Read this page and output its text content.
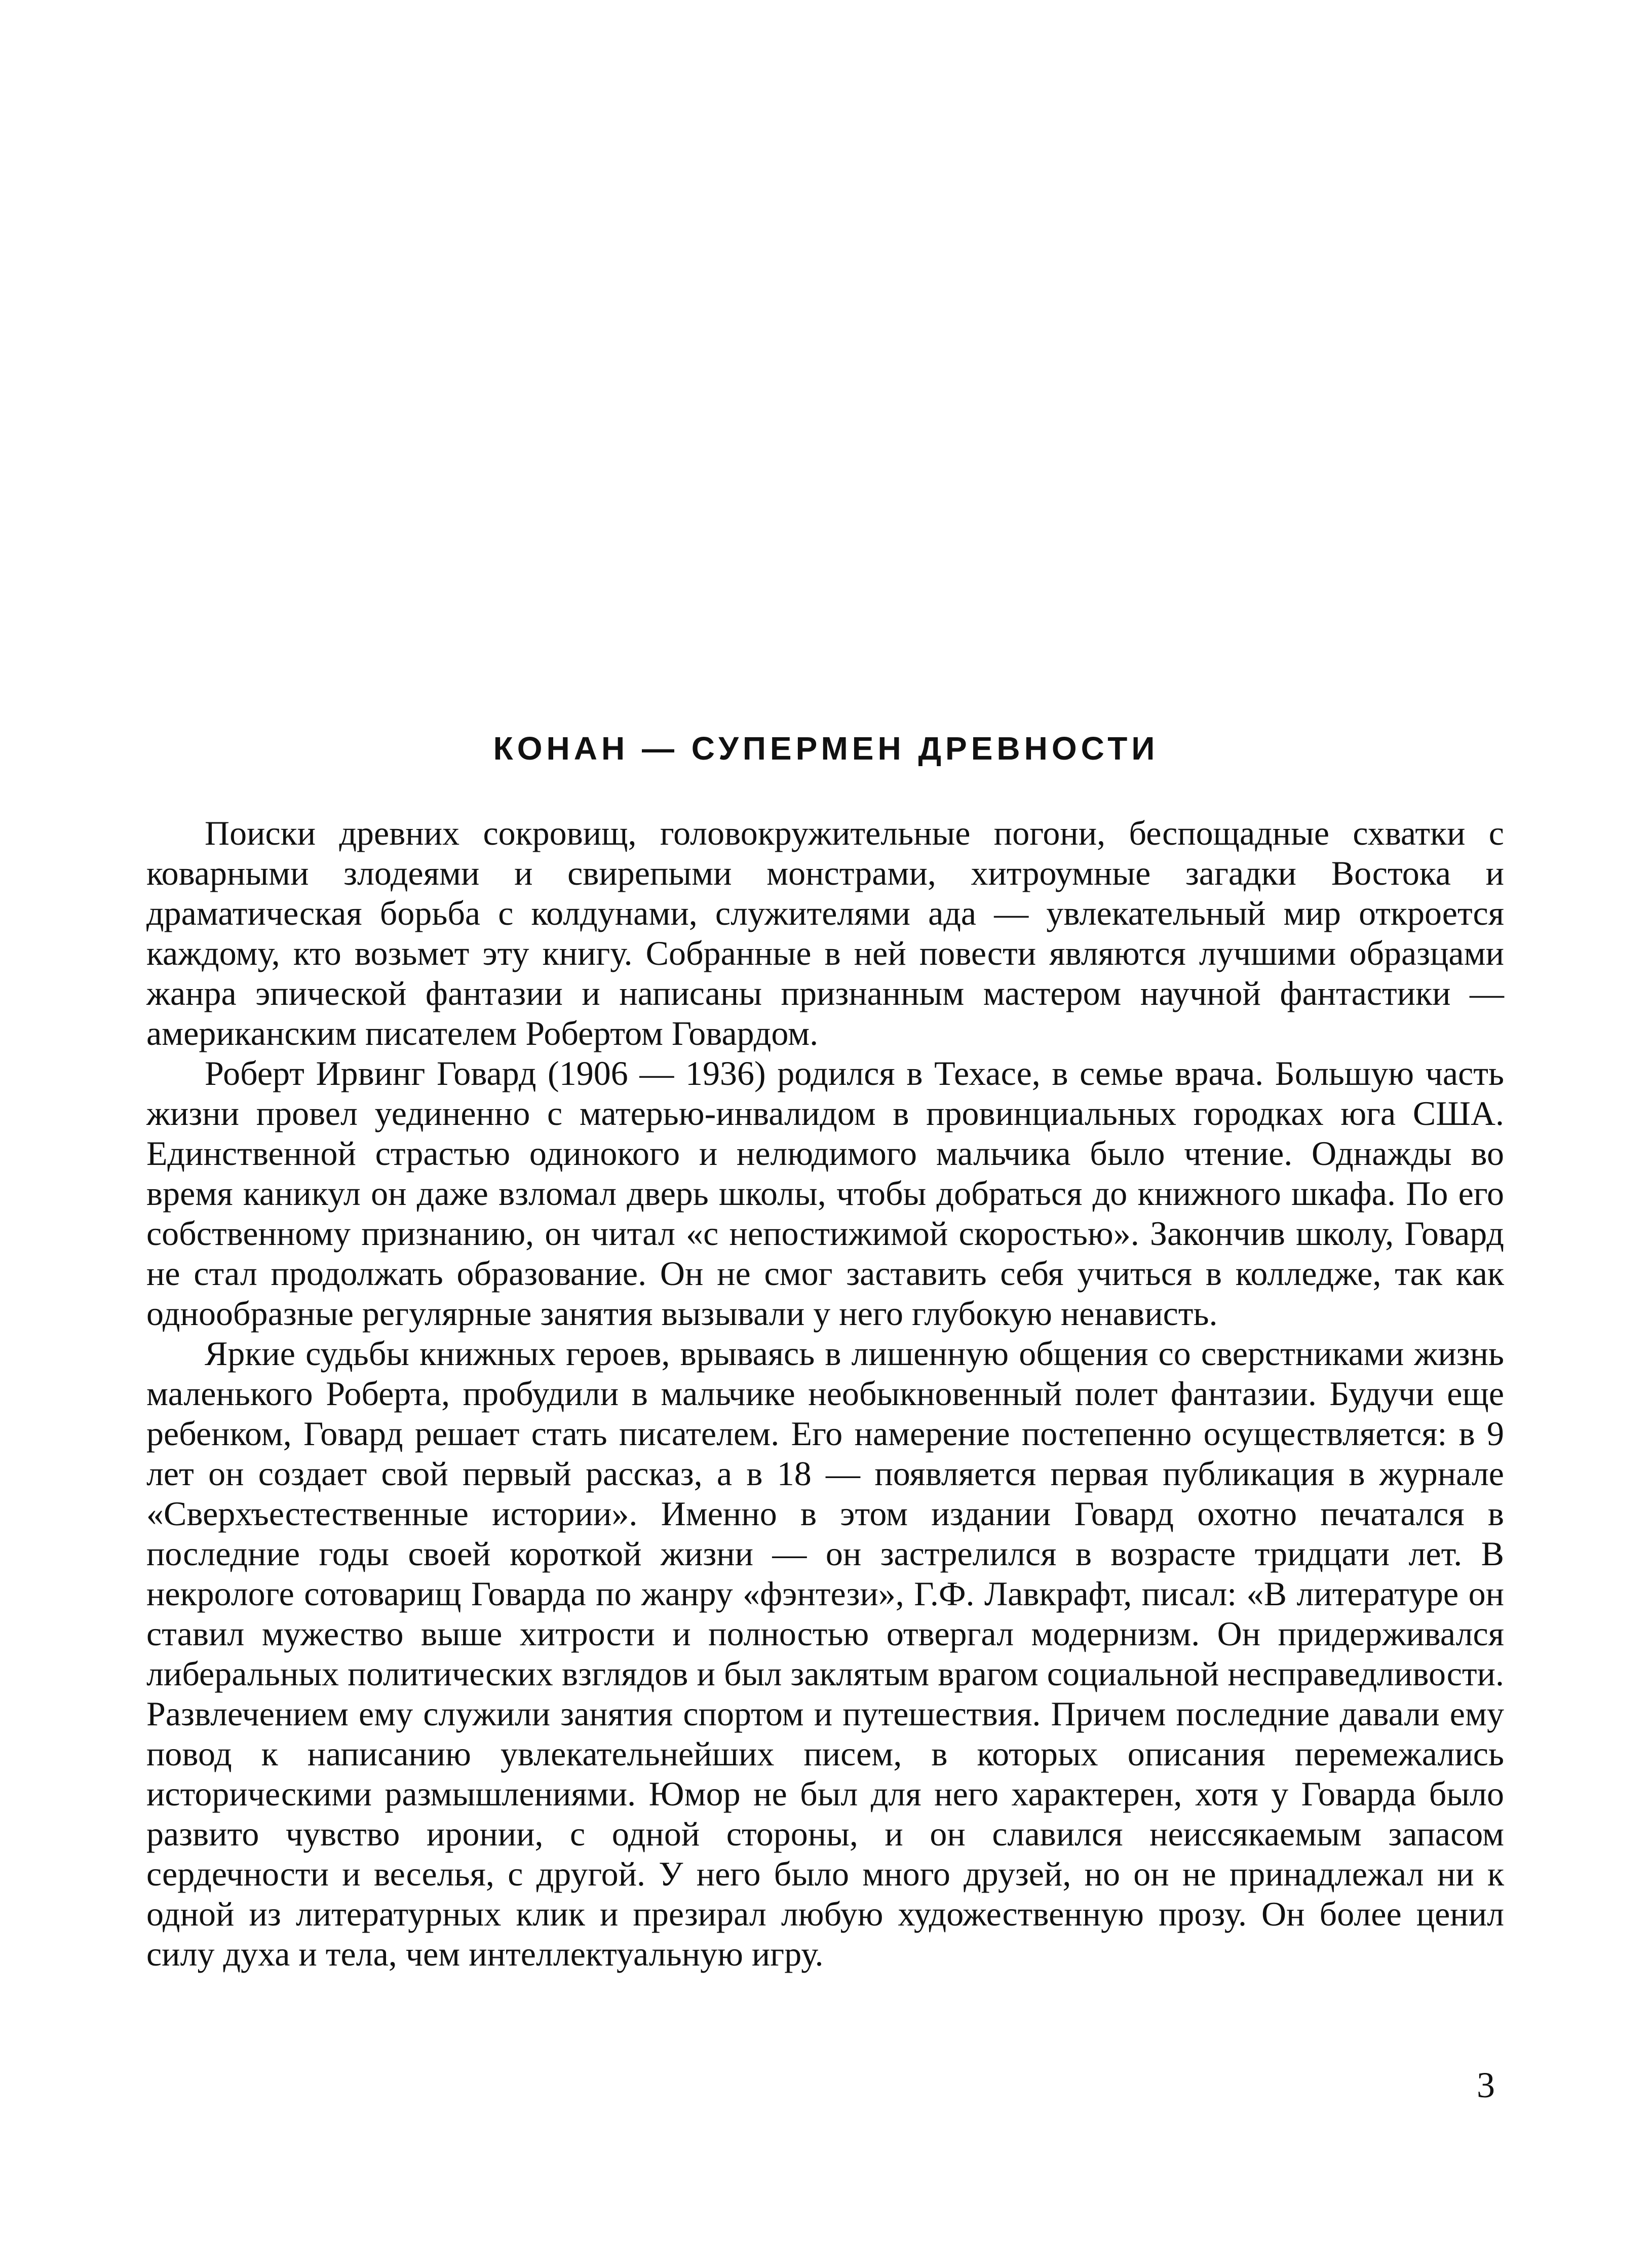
КОНАН — СУПЕРМЕН ДРЕВНОСТИ

Поиски древних сокровищ, головокружительные погони, беспощадные схватки с коварными злодеями и свирепыми монстрами, хитроумные загадки Востока и драматическая борьба с колдунами, служителями ада — увлекательный мир откроется каждому, кто возьмет эту книгу. Собранные в ней повести являются лучшими образцами жанра эпической фантазии и написаны признанным мастером научной фантастики — американским писателем Робертом Говардом.

Роберт Ирвинг Говард (1906 — 1936) родился в Техасе, в семье врача. Большую часть жизни провел уединенно с матерью-инвалидом в провинциальных городках юга США. Единственной страстью одинокого и нелюдимого мальчика было чтение. Однажды во время каникул он даже взломал дверь школы, чтобы добраться до книжного шкафа. По его собственному признанию, он читал «с непостижимой скоростью». Закончив школу, Говард не стал продолжать образование. Он не смог заставить себя учиться в колледже, так как однообразные регулярные занятия вызывали у него глубокую ненависть.

Яркие судьбы книжных героев, врываясь в лишенную общения со сверстниками жизнь маленького Роберта, пробудили в мальчике необыкновенный полет фантазии. Будучи еще ребенком, Говард решает стать писателем. Его намерение постепенно осуществляется: в 9 лет он создает свой первый рассказ, а в 18 — появляется первая публикация в журнале «Сверхъестественные истории». Именно в этом издании Говард охотно печатался в последние годы своей короткой жизни — он застрелился в возрасте тридцати лет. В некрологе сотоварищ Говарда по жанру «фэнтези», Г.Ф. Лавкрафт, писал: «В литературе он ставил мужество выше хитрости и полностью отвергал модернизм. Он придерживался либеральных политических взглядов и был заклятым врагом социальной несправедливости. Развлечением ему служили занятия спортом и путешествия. Причем последние давали ему повод к написанию увлекательнейших писем, в которых описания перемежались историческими размышлениями. Юмор не был для него характерен, хотя у Говарда было развито чувство иронии, с одной стороны, и он славился неиссякаемым запасом сердечности и веселья, с другой. У него было много друзей, но он не принадлежал ни к одной из литературных клик и презирал любую художественную прозу. Он более ценил силу духа и тела, чем интеллектуальную игру.

3
